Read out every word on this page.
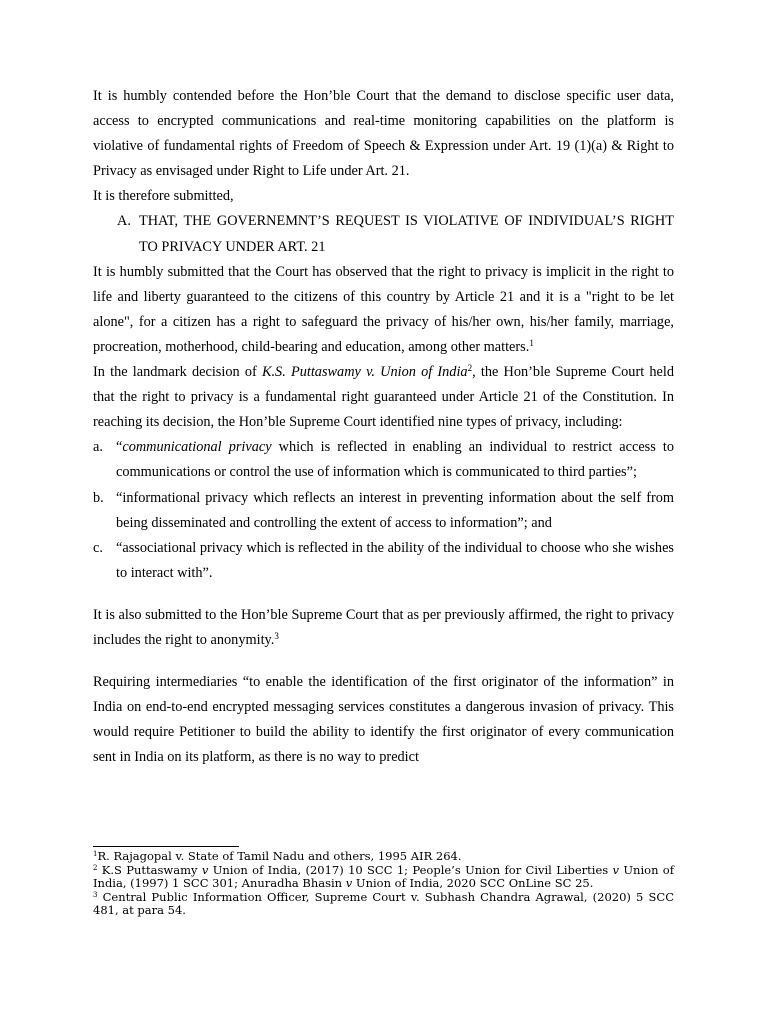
It is humbly contended before the Hon’ble Court that the demand to disclose specific user data, access to encrypted communications and real-time monitoring capabilities on the platform is violative of fundamental rights of Freedom of Speech & Expression under Art. 19 (1)(a) & Right to Privacy as envisaged under Right to Life under Art. 21.

It is therefore submitted,

A. THAT, THE GOVERNEMNT’S REQUEST IS VIOLATIVE OF INDIVIDUAL’S RIGHT TO PRIVACY UNDER ART. 21

It is humbly submitted that the Court has observed that the right to privacy is implicit in the right to life and liberty guaranteed to the citizens of this country by Article 21 and it is a "right to be let alone", for a citizen has a right to safeguard the privacy of his/her own, his/her family, marriage, procreation, motherhood, child-bearing and education, among other matters.$^1$

In the landmark decision of K.S. Puttaswamy v. Union of India$^2$, the Hon’ble Supreme Court held that the right to privacy is a fundamental right guaranteed under Article 21 of the Constitution. In reaching its decision, the Hon’ble Supreme Court identified nine types of privacy, including:

a. “communicational privacy which is reflected in enabling an individual to restrict access to communications or control the use of information which is communicated to third parties”;
b. “informational privacy which reflects an interest in preventing information about the self from being disseminated and controlling the extent of access to information”; and
c. “associational privacy which is reflected in the ability of the individual to choose who she wishes to interact with”.

It is also submitted to the Hon’ble Supreme Court that as per previously affirmed, the right to privacy includes the right to anonymity.$^3$

Requiring intermediaries “to enable the identification of the first originator of the information” in India on end-to-end encrypted messaging services constitutes a dangerous invasion of privacy. This would require Petitioner to build the ability to identify the first originator of every communication sent in India on its platform, as there is no way to predict

$^1$R. Rajagopal v. State of Tamil Nadu and others, 1995 AIR 264.

$^2$ K.S Puttaswamy v Union of India, (2017) 10 SCC 1; People’s Union for Civil Liberties v Union of India, (1997) 1 SCC 301; Anuradha Bhasin v Union of India, 2020 SCC OnLine SC 25.

$^3$ Central Public Information Officer, Supreme Court v. Subhash Chandra Agrawal, (2020) 5 SCC 481, at para 54.
